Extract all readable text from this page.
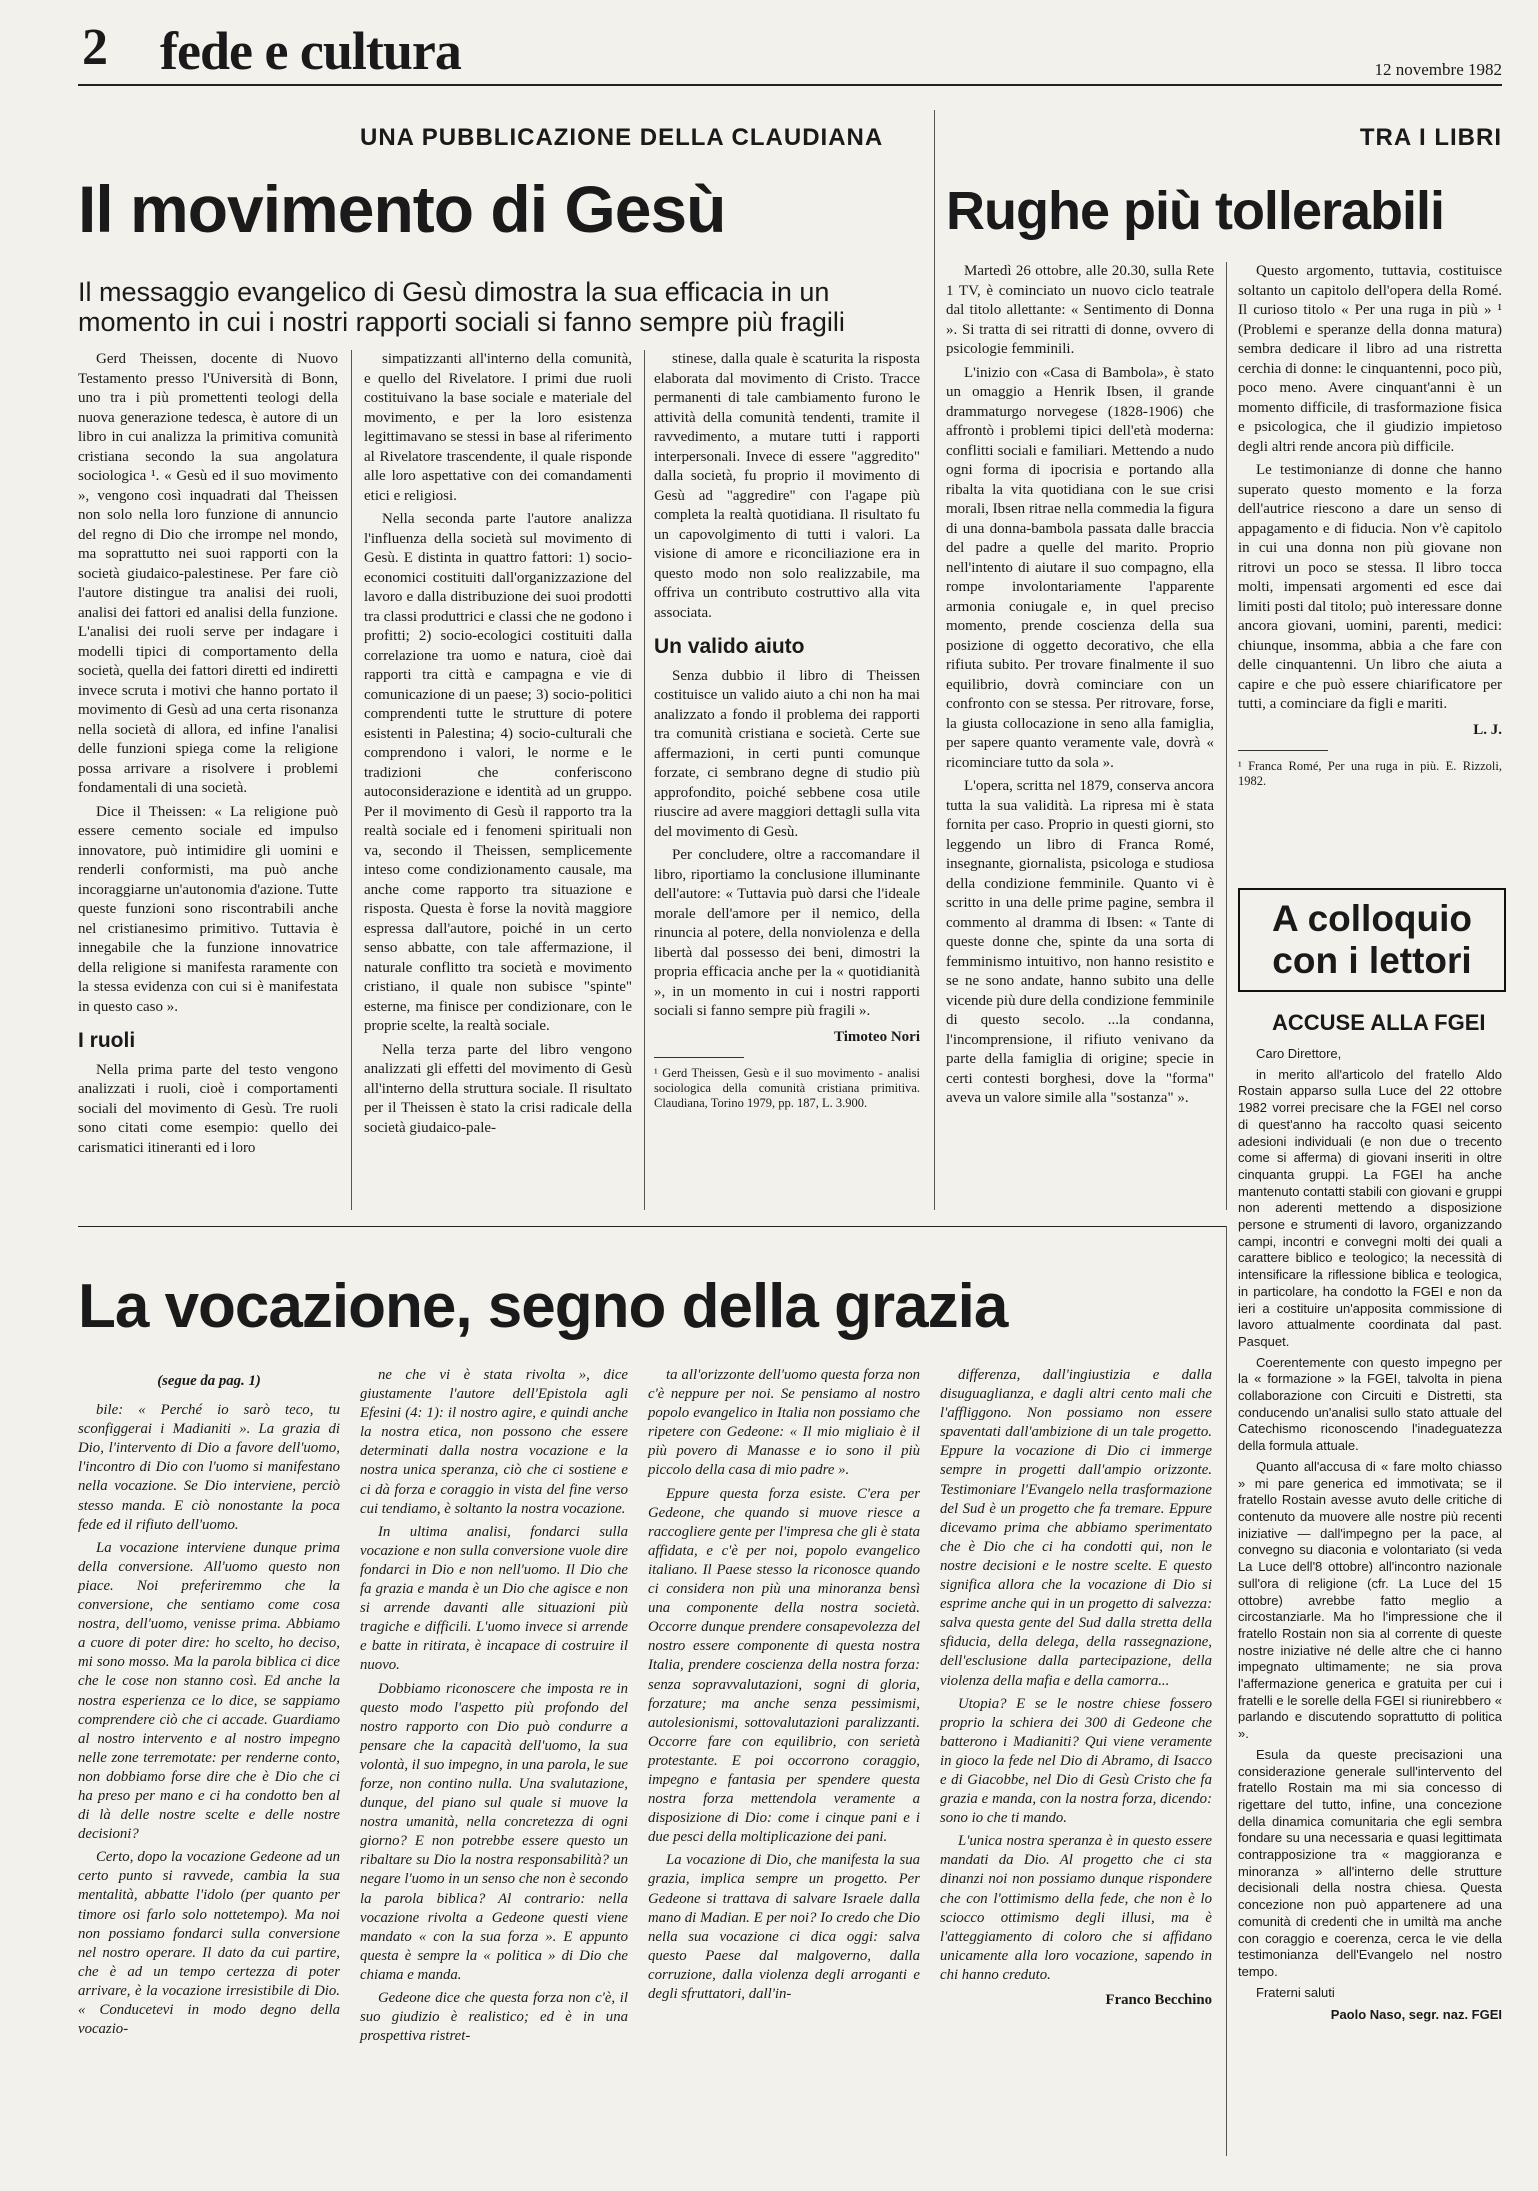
2 fede e cultura	12 novembre 1982
UNA PUBBLICAZIONE DELLA CLAUDIANA
Il movimento di Gesù
Il messaggio evangelico di Gesù dimostra la sua efficacia in un momento in cui i nostri rapporti sociali si fanno sempre più fragili

Gerd Theissen, docente di Nuovo Testamento presso l'Università di Bonn, uno tra i più promettenti teologi della nuova generazione tedesca, è autore di un libro in cui analizza la primitiva comunità cristiana secondo la sua angolatura sociologica ¹. « Gesù ed il suo movimento », vengono così inquadrati dal Theissen non solo nella loro funzione di annuncio del regno di Dio che irrompe nel mondo, ma soprattutto nei suoi rapporti con la società giudaico-palestinese. Per fare ciò l'autore distingue tra analisi dei ruoli, analisi dei fattori ed analisi della funzione. L'analisi dei ruoli serve per indagare i modelli tipici di comportamento della società, quella dei fattori diretti ed indiretti invece scruta i motivi che hanno portato il movimento di Gesù ad una certa risonanza nella società di allora, ed infine l'analisi delle funzioni spiega come la religione possa arrivare a risolvere i problemi fondamentali di una società.

Dice il Theissen: « La religione può essere cemento sociale ed impulso innovatore, può intimidire gli uomini e renderli conformisti, ma può anche incoraggiarne un'autonomia d'azione. Tutte queste funzioni sono riscontrabili anche nel cristianesimo primitivo. Tuttavia è innegabile che la funzione innovatrice della religione si manifesta raramente con la stessa evidenza con cui si è manifestata in questo caso ».

I ruoli

Nella prima parte del testo vengono analizzati i ruoli, cioè i comportamenti sociali del movimento di Gesù. Tre ruoli sono citati come esempio: quello dei carismatici itineranti ed i loro

simpatizzanti all'interno della comunità, e quello del Rivelatore. I primi due ruoli costituivano la base sociale e materiale del movimento, e per la loro esistenza legittimavano se stessi in base al riferimento al Rivelatore trascendente, il quale risponde alle loro aspettative con dei comandamenti etici e religiosi.

Nella seconda parte l'autore analizza l'influenza della società sul movimento di Gesù. E distinta in quattro fattori: 1) socio-economici costituiti dall'organizzazione del lavoro e dalla distribuzione dei suoi prodotti tra classi produttrici e classi che ne godono i profitti; 2) socio-ecologici costituiti dalla correlazione tra uomo e natura, cioè dai rapporti tra città e campagna e vie di comunicazione di un paese; 3) socio-politici comprendenti tutte le strutture di potere esistenti in Palestina; 4) socio-culturali che comprendono i valori, le norme e le tradizioni che conferiscono autoconsiderazione e identità ad un gruppo. Per il movimento di Gesù il rapporto tra la realtà sociale ed i fenomeni spirituali non va, secondo il Theissen, semplicemente inteso come condizionamento causale, ma anche come rapporto tra situazione e risposta. Questa è forse la novità maggiore espressa dall'autore, poiché in un certo senso abbatte, con tale affermazione, il naturale conflitto tra società e movimento cristiano, il quale non subisce "spinte" esterne, ma finisce per condizionare, con le proprie scelte, la realtà sociale.

Nella terza parte del libro vengono analizzati gli effetti del movimento di Gesù all'interno della struttura sociale. Il risultato per il Theissen è stato la crisi radicale della società giudaico-pale-

stinese, dalla quale è scaturita la risposta elaborata dal movimento di Cristo. Tracce permanenti di tale cambiamento furono le attività della comunità tendenti, tramite il ravvedimento, a mutare tutti i rapporti interpersonali. Invece di essere "aggredito" dalla società, fu proprio il movimento di Gesù ad "aggredire" con l'agape più completa la realtà quotidiana. Il risultato fu un capovolgimento di tutti i valori. La visione di amore e riconciliazione era in questo modo non solo realizzabile, ma offriva un contributo costruttivo alla vita associata.

Un valido aiuto

Senza dubbio il libro di Theissen costituisce un valido aiuto a chi non ha mai analizzato a fondo il problema dei rapporti tra comunità cristiana e società. Certe sue affermazioni, in certi punti comunque forzate, ci sembrano degne di studio più approfondito, poiché sebbene cosa utile riuscire ad avere maggiori dettagli sulla vita del movimento di Gesù.

Per concludere, oltre a raccomandare il libro, riportiamo la conclusione illuminante dell'autore: « Tuttavia può darsi che l'ideale morale dell'amore per il nemico, della rinuncia al potere, della nonviolenza e della libertà dal possesso dei beni, dimostri la propria efficacia anche per la « quotidianità », in un momento in cui i nostri rapporti sociali si fanno sempre più fragili ».

Timoteo Nori

¹ Gerd Theissen, Gesù e il suo movimento - analisi sociologica della comunità cristiana primitiva. Claudiana, Torino 1979, pp. 187, L. 3.900.

TRA I LIBRI
Rughe più tollerabili

Martedì 26 ottobre, alle 20.30, sulla Rete 1 TV, è cominciato un nuovo ciclo teatrale dal titolo allettante: « Sentimento di Donna ». Si tratta di sei ritratti di donne, ovvero di psicologie femminili.

L'inizio con «Casa di Bambola», è stato un omaggio a Henrik Ibsen, il grande drammaturgo norvegese (1828-1906) che affrontò i problemi tipici dell'età moderna: conflitti sociali e familiari. Mettendo a nudo ogni forma di ipocrisia e portando alla ribalta la vita quotidiana con le sue crisi morali, Ibsen ritrae nella commedia la figura di una donna-bambola passata dalle braccia del padre a quelle del marito. Proprio nell'intento di aiutare il suo compagno, ella rompe involontariamente l'apparente armonia coniugale e, in quel preciso momento, prende coscienza della sua posizione di oggetto decorativo, che ella rifiuta subito. Per trovare finalmente il suo equilibrio, dovrà cominciare con un confronto con se stessa. Per ritrovare, forse, la giusta collocazione in seno alla famiglia, per sapere quanto veramente vale, dovrà « ricominciare tutto da sola ».

L'opera, scritta nel 1879, conserva ancora tutta la sua validità. La ripresa mi è stata fornita per caso. Proprio in questi giorni, sto leggendo un libro di Franca Romé, insegnante, giornalista, psicologa e studiosa della condizione femminile. Quanto vi è scritto in una delle prime pagine, sembra il commento al dramma di Ibsen: « Tante di queste donne che, spinte da una sorta di femminismo intuitivo, non hanno resistito e se ne sono andate, hanno subito una delle vicende più dure della condizione femminile di questo secolo. ...la condanna, l'incomprensione, il rifiuto venivano da parte della famiglia di origine; specie in certi contesti borghesi, dove la "forma" aveva un valore simile alla "sostanza" ».

Questo argomento, tuttavia, costituisce soltanto un capitolo dell'opera della Romé. Il curioso titolo « Per una ruga in più » ¹ (Problemi e speranze della donna matura) sembra dedicare il libro ad una ristretta cerchia di donne: le cinquantenni, poco più, poco meno. Avere cinquant'anni è un momento difficile, di trasformazione fisica e psicologica, che il giudizio impietoso degli altri rende ancora più difficile.

Le testimonianze di donne che hanno superato questo momento e la forza dell'autrice riescono a dare un senso di appagamento e di fiducia. Non v'è capitolo in cui una donna non più giovane non ritrovi un poco se stessa. Il libro tocca molti, impensati argomenti ed esce dai limiti posti dal titolo; può interessare donne ancora giovani, uomini, parenti, medici: chiunque, insomma, abbia a che fare con delle cinquantenni. Un libro che aiuta a capire e che può essere chiarificatore per tutti, a cominciare da figli e mariti.

L. J.

¹ Franca Romé, Per una ruga in più. E. Rizzoli, 1982.

A colloquio con i lettori
ACCUSE ALLA FGEI

Caro Direttore,

in merito all'articolo del fratello Aldo Rostain apparso sulla Luce del 22 ottobre 1982 vorrei precisare che la FGEI nel corso di quest'anno ha raccolto quasi seicento adesioni individuali (e non due o trecento come si afferma) di giovani inseriti in oltre cinquanta gruppi. La FGEI ha anche mantenuto contatti stabili con giovani e gruppi non aderenti mettendo a disposizione persone e strumenti di lavoro, organizzando campi, incontri e convegni molti dei quali a carattere biblico e teologico; la necessità di intensificare la riflessione biblica e teologica, in particolare, ha condotto la FGEI e non da ieri a costituire un'apposita commissione di lavoro attualmente coordinata dal past. Pasquet.

Coerentemente con questo impegno per la « formazione » la FGEI, talvolta in piena collaborazione con Circuiti e Distretti, sta conducendo un'analisi sullo stato attuale del Catechismo riconoscendo l'inadeguatezza della formula attuale.

Quanto all'accusa di « fare molto chiasso » mi pare generica ed immotivata; se il fratello Rostain avesse avuto delle critiche di contenuto da muovere alle nostre più recenti iniziative — dall'impegno per la pace, al convegno su diaconia e volontariato (si veda La Luce dell'8 ottobre) all'incontro nazionale sull'ora di religione (cfr. La Luce del 15 ottobre) avrebbe fatto meglio a circostanziarle. Ma ho l'impressione che il fratello Rostain non sia al corrente di queste nostre iniziative né delle altre che ci hanno impegnato ultimamente; ne sia prova l'affermazione generica e gratuita per cui i fratelli e le sorelle della FGEI si riunirebbero « parlando e discutendo soprattutto di politica ».

Esula da queste precisazioni una considerazione generale sull'intervento del fratello Rostain ma mi sia concesso di rigettare del tutto, infine, una concezione della dinamica comunitaria che egli sembra fondare su una necessaria e quasi legittimata contrapposizione tra « maggioranza e minoranza » all'interno delle strutture decisionali della nostra chiesa. Questa concezione non può appartenere ad una comunità di credenti che in umiltà ma anche con coraggio e coerenza, cerca le vie della testimonianza dell'Evangelo nel nostro tempo.

Fraterni saluti

Paolo Naso, segr. naz. FGEI

La vocazione, segno della grazia

(segue da pag. 1)

bile: « Perché io sarò teco, tu sconfiggerai i Madianiti ». La grazia di Dio, l'intervento di Dio a favore dell'uomo, l'incontro di Dio con l'uomo si manifestano nella vocazione. Se Dio interviene, perciò stesso manda. E ciò nonostante la poca fede ed il rifiuto dell'uomo.

La vocazione interviene dunque prima della conversione. All'uomo questo non piace. Noi preferiremmo che la conversione, che sentiamo come cosa nostra, dell'uomo, venisse prima. Abbiamo a cuore di poter dire: ho scelto, ho deciso, mi sono mosso. Ma la parola biblica ci dice che le cose non stanno così. Ed anche la nostra esperienza ce lo dice, se sappiamo comprendere ciò che ci accade. Guardiamo al nostro intervento e al nostro impegno nelle zone terremotate: per renderne conto, non dobbiamo forse dire che è Dio che ci ha preso per mano e ci ha condotto ben al di là delle nostre scelte e delle nostre decisioni?

Certo, dopo la vocazione Gedeone ad un certo punto si ravvede, cambia la sua mentalità, abbatte l'idolo (per quanto per timore osi farlo solo nottetempo). Ma noi non possiamo fondarci sulla conversione nel nostro operare. Il dato da cui partire, che è ad un tempo certezza di poter arrivare, è la vocazione irresistibile di Dio. « Conducetevi in modo degno della vocazio-

ne che vi è stata rivolta », dice giustamente l'autore dell'Epistola agli Efesini (4: 1): il nostro agire, e quindi anche la nostra etica, non possono che essere determinati dalla nostra vocazione e la nostra unica speranza, ciò che ci sostiene e ci dà forza e coraggio in vista del fine verso cui tendiamo, è soltanto la nostra vocazione.

In ultima analisi, fondarci sulla vocazione e non sulla conversione vuole dire fondarci in Dio e non nell'uomo. Il Dio che fa grazia e manda è un Dio che agisce e non si arrende davanti alle situazioni più tragiche e difficili. L'uomo invece si arrende e batte in ritirata, è incapace di costruire il nuovo.

Dobbiamo riconoscere che imposta re in questo modo l'aspetto più profondo del nostro rapporto con Dio può condurre a pensare che la capacità dell'uomo, la sua volontà, il suo impegno, in una parola, le sue forze, non contino nulla. Una svalutazione, dunque, del piano sul quale si muove la nostra umanità, nella concretezza di ogni giorno? E non potrebbe essere questo un ribaltare su Dio la nostra responsabilità? un negare l'uomo in un senso che non è secondo la parola biblica? Al contrario: nella vocazione rivolta a Gedeone questi viene mandato « con la sua forza ». E appunto questa è sempre la « politica » di Dio che chiama e manda.

Gedeone dice che questa forza non c'è, il suo giudizio è realistico; ed è in una prospettiva ristret-

ta all'orizzonte dell'uomo questa forza non c'è neppure per noi. Se pensiamo al nostro popolo evangelico in Italia non possiamo che ripetere con Gedeone: « Il mio migliaio è il più povero di Manasse e io sono il più piccolo della casa di mio padre ».

Eppure questa forza esiste. C'era per Gedeone, che quando si muove riesce a raccogliere gente per l'impresa che gli è stata affidata, e c'è per noi, popolo evangelico italiano. Il Paese stesso la riconosce quando ci considera non più una minoranza bensì una componente della nostra società. Occorre dunque prendere consapevolezza del nostro essere componente di questa nostra Italia, prendere coscienza della nostra forza: senza sopravvalutazioni, sogni di gloria, forzature; ma anche senza pessimismi, autolesionismi, sottovalutazioni paralizzanti. Occorre fare con equilibrio, con serietà protestante. E poi occorrono coraggio, impegno e fantasia per spendere questa nostra forza mettendola veramente a disposizione di Dio: come i cinque pani e i due pesci della moltiplicazione dei pani.

La vocazione di Dio, che manifesta la sua grazia, implica sempre un progetto. Per Gedeone si trattava di salvare Israele dalla mano di Madian. E per noi? Io credo che Dio nella sua vocazione ci dica oggi: salva questo Paese dal malgoverno, dalla corruzione, dalla violenza degli arroganti e degli sfruttatori, dall'in-

differenza, dall'ingiustizia e dalla disuguaglianza, e dagli altri cento mali che l'affliggono. Non possiamo non essere spaventati dall'ambizione di un tale progetto. Eppure la vocazione di Dio ci immerge sempre in progetti dall'ampio orizzonte. Testimoniare l'Evangelo nella trasformazione del Sud è un progetto che fa tremare. Eppure dicevamo prima che abbiamo sperimentato che è Dio che ci ha condotti qui, non le nostre decisioni e le nostre scelte. E questo significa allora che la vocazione di Dio si esprime anche qui in un progetto di salvezza: salva questa gente del Sud dalla stretta della sfiducia, della delega, della rassegnazione, dell'esclusione dalla partecipazione, della violenza della mafia e della camorra...

Utopia? E se le nostre chiese fossero proprio la schiera dei 300 di Gedeone che batterono i Madianiti? Qui viene veramente in gioco la fede nel Dio di Abramo, di Isacco e di Giacobbe, nel Dio di Gesù Cristo che fa grazia e manda, con la nostra forza, dicendo: sono io che ti mando.

L'unica nostra speranza è in questo essere mandati da Dio. Al progetto che ci sta dinanzi noi non possiamo dunque rispondere che con l'ottimismo della fede, che non è lo sciocco ottimismo degli illusi, ma è l'atteggiamento di coloro che si affidano unicamente alla loro vocazione, sapendo in chi hanno creduto.

Franco Becchino
